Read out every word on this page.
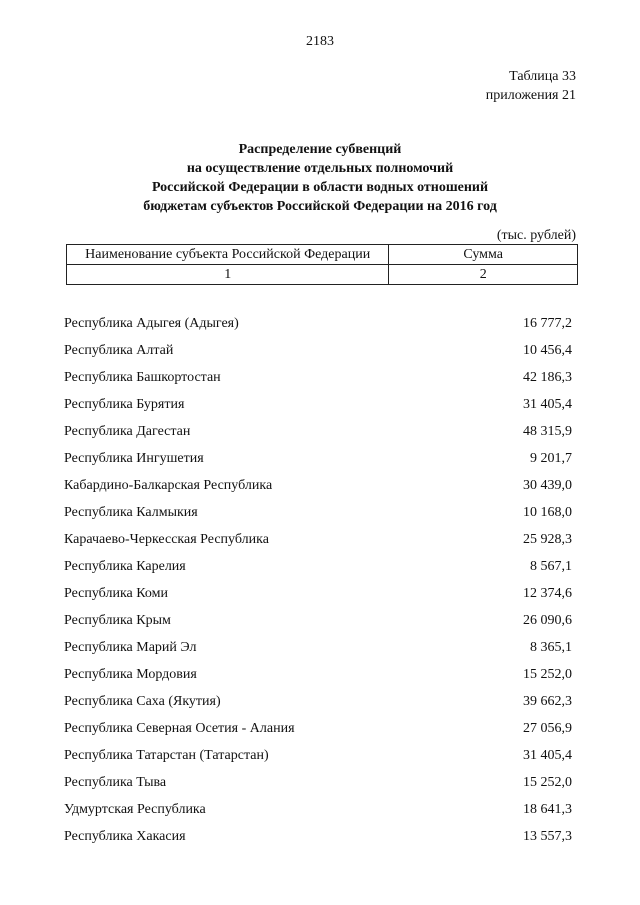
2183
Таблица 33
приложения 21
Распределение субвенций
на осуществление отдельных полномочий
Российской Федерации в области водных отношений
бюджетам субъектов Российской Федерации на 2016 год
(тыс. рублей)
Наименование субъекта Российской Федерации	Сумма
1	2
Республика Адыгея (Адыгея)	16 777,2
Республика Алтай	10 456,4
Республика Башкортостан	42 186,3
Республика Бурятия	31 405,4
Республика Дагестан	48 315,9
Республика Ингушетия	9 201,7
Кабардино-Балкарская Республика	30 439,0
Республика Калмыкия	10 168,0
Карачаево-Черкесская Республика	25 928,3
Республика Карелия	8 567,1
Республика Коми	12 374,6
Республика Крым	26 090,6
Республика Марий Эл	8 365,1
Республика Мордовия	15 252,0
Республика Саха (Якутия)	39 662,3
Республика Северная Осетия - Алания	27 056,9
Республика Татарстан (Татарстан)	31 405,4
Республика Тыва	15 252,0
Удмуртская Республика	18 641,3
Республика Хакасия	13 557,3
